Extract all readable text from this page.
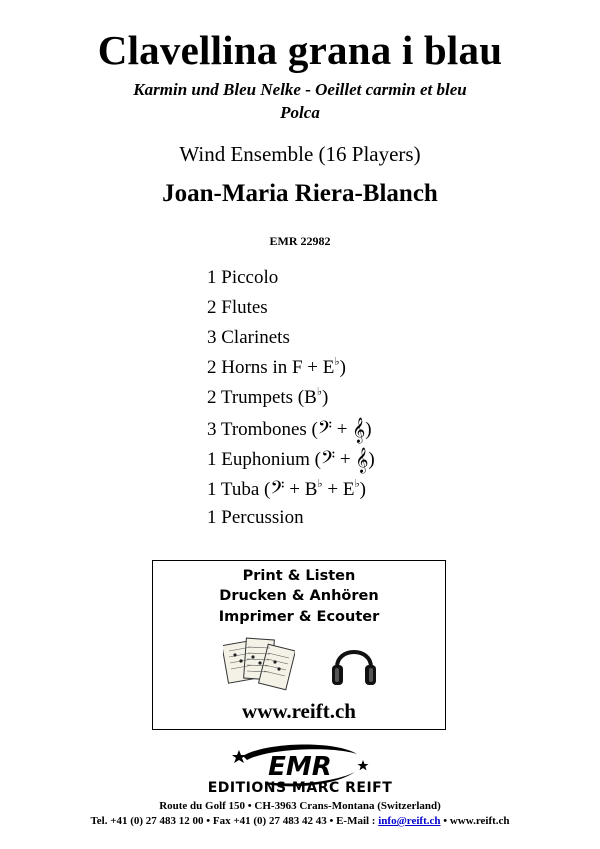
Clavellina grana i blau
Karmin und Bleu Nelke - Oeillet carmin et bleu
Polca
Wind Ensemble (16 Players)
Joan-Maria Riera-Blanch
EMR 22982
1 Piccolo
2 Flutes
3 Clarinets
2 Horns in F + E♭)
2 Trumpets (B♭)
3 Trombones (𝄢 + 𝄞)
1 Euphonium (𝄢 + 𝄞)
1 Tuba (𝄢 + B♭ + E♭)
1 Percussion
Print & Listen
Drucken & Anhören
Imprimer & Ecouter
www.reift.ch
EMR
EDITIONS MARC REIFT
Route du Golf 150 • CH-3963 Crans-Montana (Switzerland)
Tel. +41 (0) 27 483 12 00 • Fax +41 (0) 27 483 42 43 • E-Mail : info@reift.ch • www.reift.ch
